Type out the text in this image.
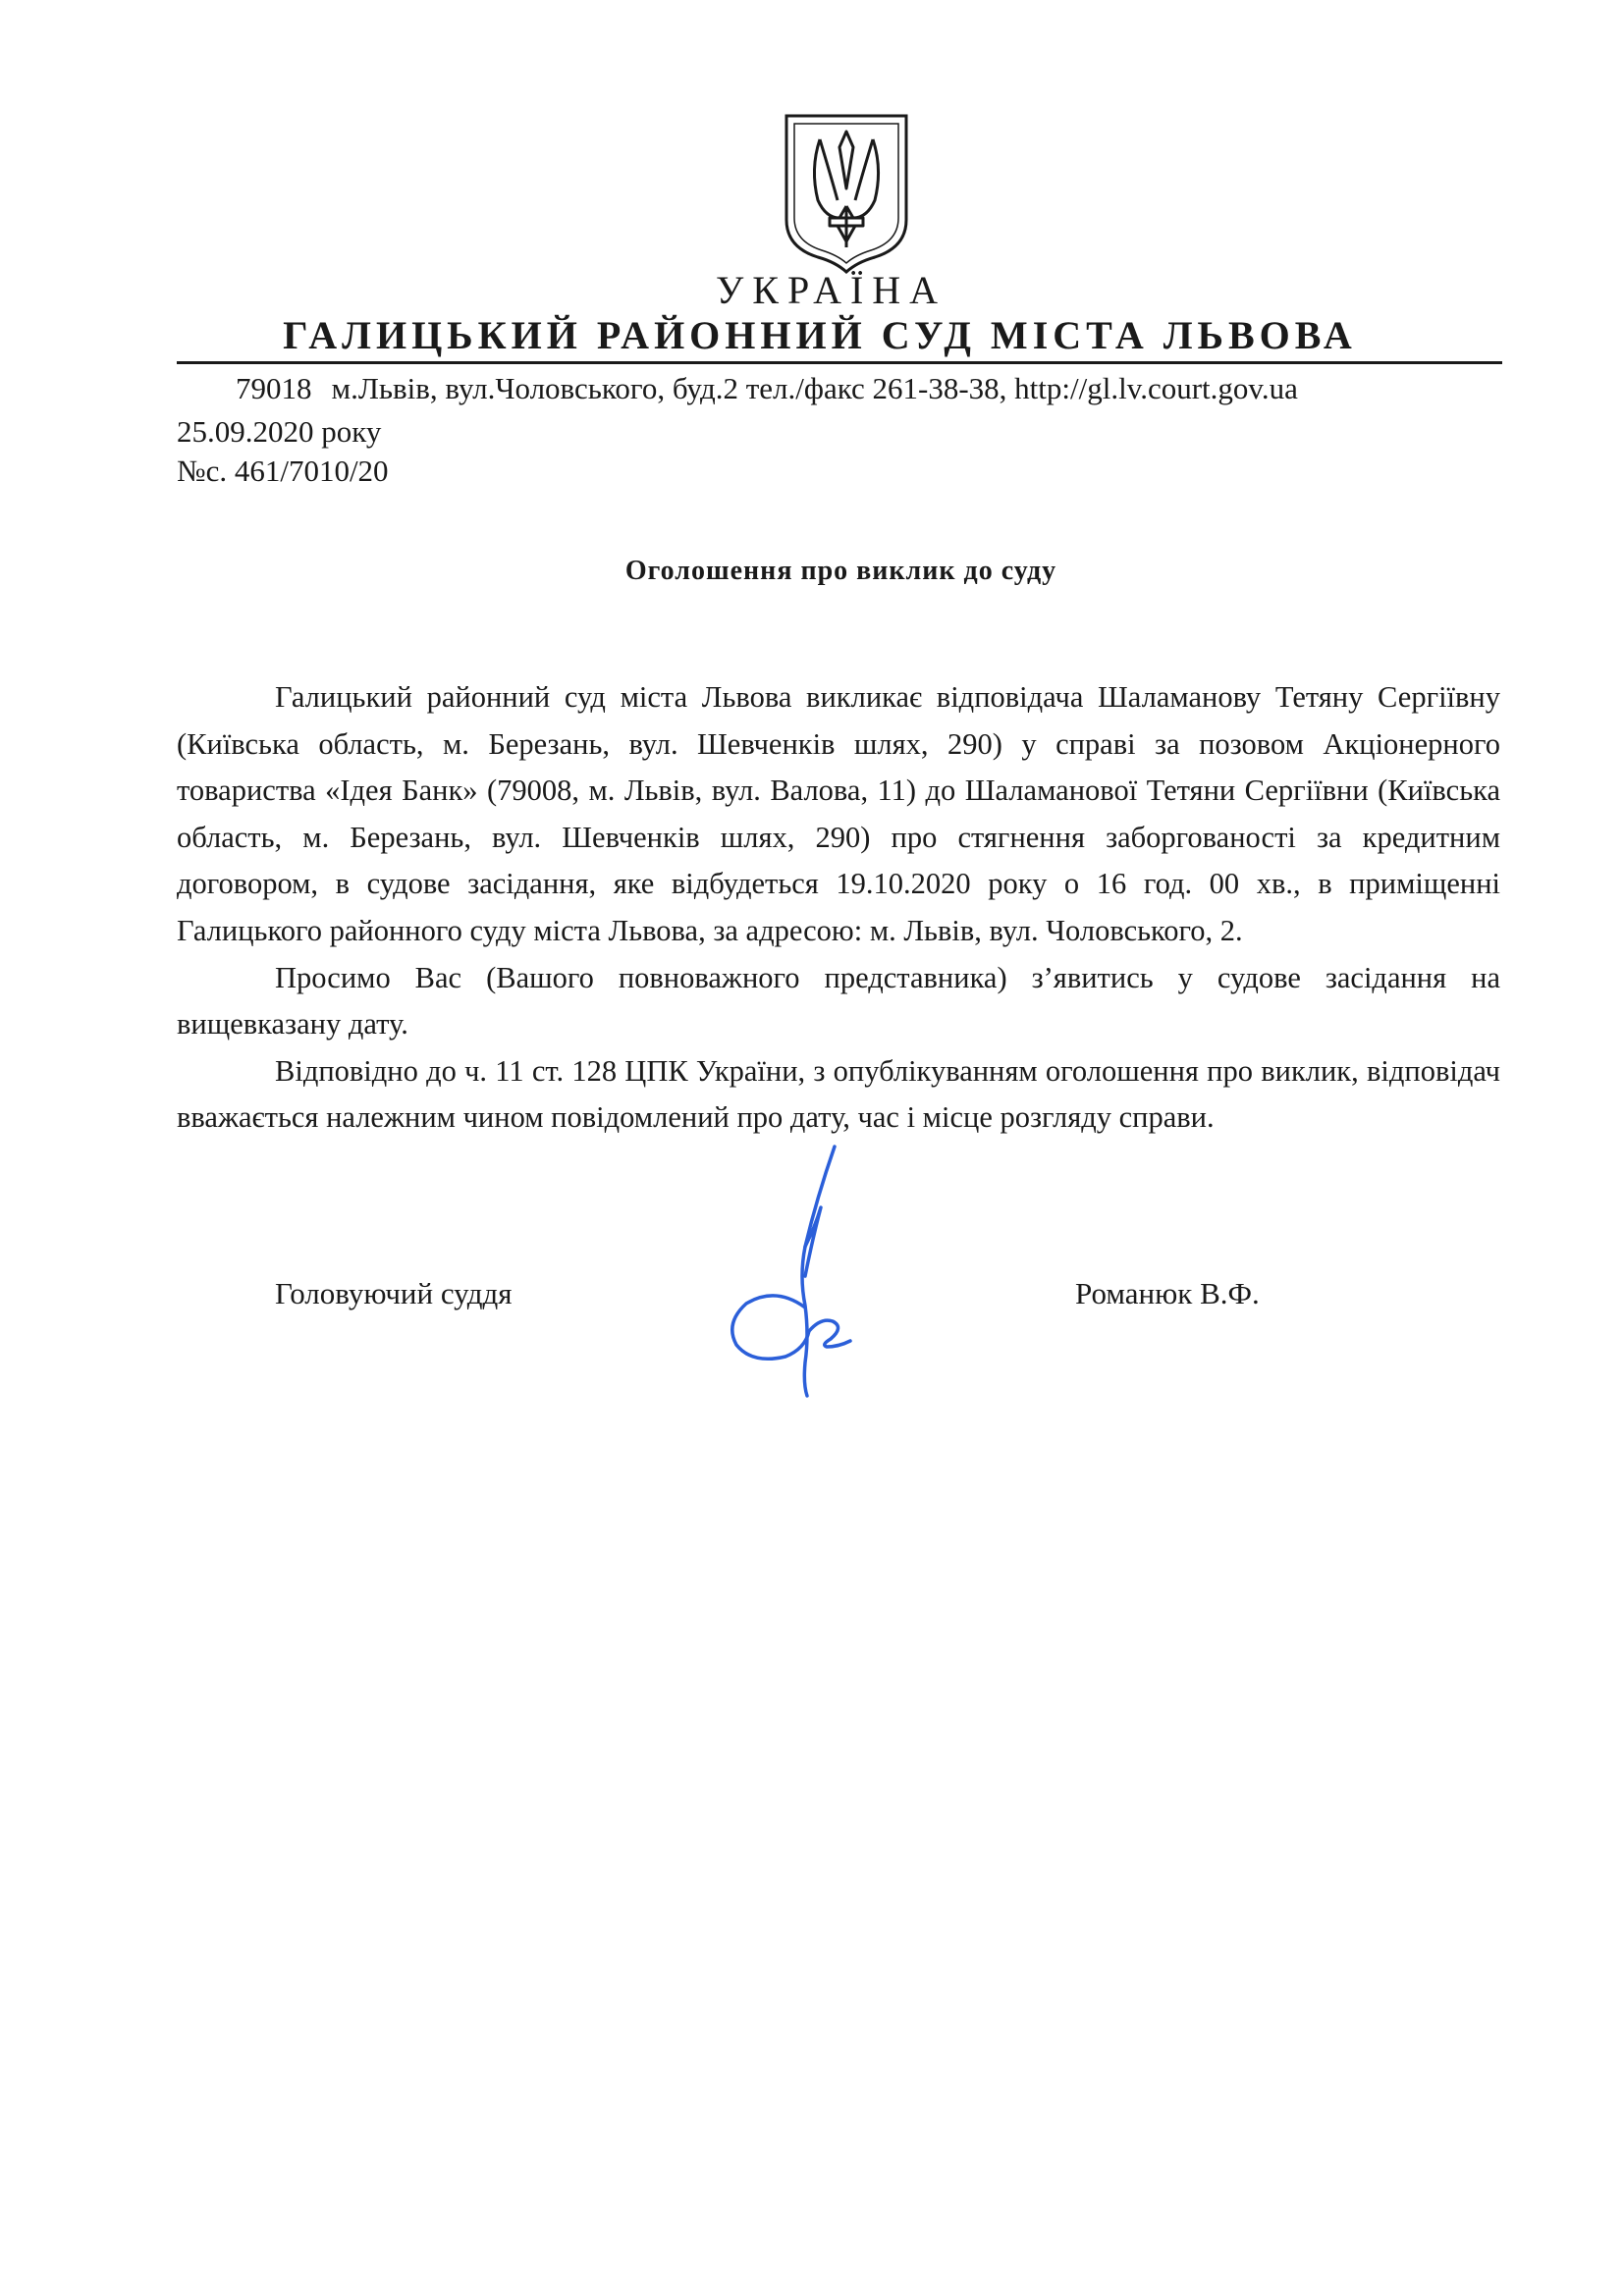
УКРАЇНА
ГАЛИЦЬКИЙ РАЙОННИЙ СУД МІСТА ЛЬВОВА
79018 м.Львів, вул.Чоловського, буд.2 тел./факс 261-38-38, http://gl.lv.court.gov.ua
25.09.2020 року
№с. 461/7010/20
Оголошення про виклик до суду

Галицький районний суд міста Львова викликає відповідача Шаламанову Тетяну Сергіївну (Київська область, м. Березань, вул. Шевченків шлях, 290) у справі за позовом Акціонерного товариства «Ідея Банк» (79008, м. Львів, вул. Валова, 11) до Шаламанової Тетяни Сергіївни (Київська область, м. Березань, вул. Шевченків шлях, 290) про стягнення заборгованості за кредитним договором, в судове засідання, яке відбудеться 19.10.2020 року о 16 год. 00 хв., в приміщенні Галицького районного суду міста Львова, за адресою: м. Львів, вул. Чоловського, 2.

Просимо Вас (Вашого повноважного представника) з’явитись у судове засідання на вищевказану дату.

Відповідно до ч. 11 ст. 128 ЦПК України, з опублікуванням оголошення про виклик, відповідач вважається належним чином повідомлений про дату, час і місце розгляду справи.

Головуючий суддя	Романюк В.Ф.
